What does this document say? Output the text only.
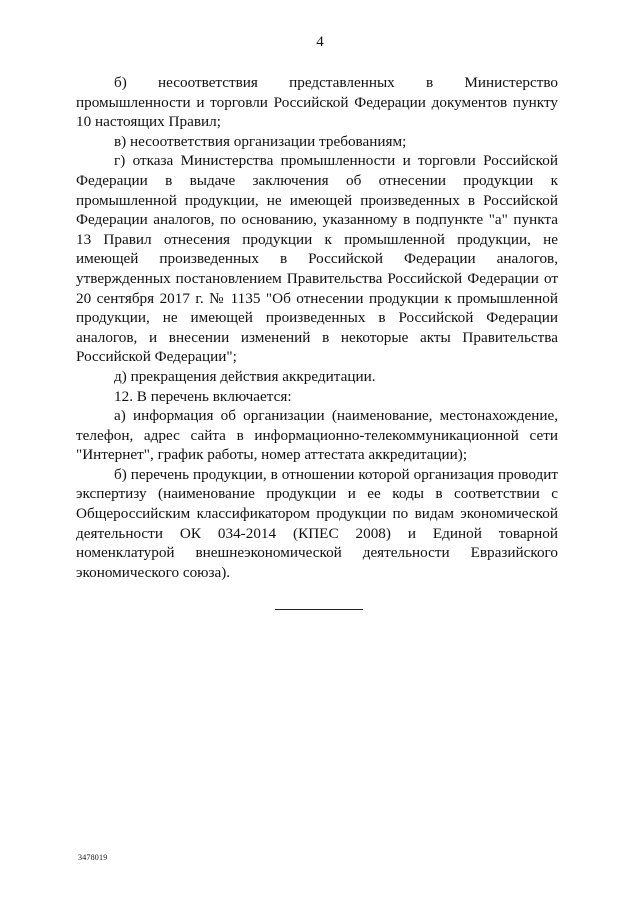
4

б) несоответствия представленных в Министерство промышленности и торговли Российской Федерации документов пункту 10 настоящих Правил;

в) несоответствия организации требованиям;

г) отказа Министерства промышленности и торговли Российской Федерации в выдаче заключения об отнесении продукции к промышленной продукции, не имеющей произведенных в Российской Федерации аналогов, по основанию, указанному в подпункте "а" пункта 13 Правил отнесения продукции к промышленной продукции, не имеющей произведенных в Российской Федерации аналогов, утвержденных постановлением Правительства Российской Федерации от 20 сентября 2017 г. № 1135 "Об отнесении продукции к промышленной продукции, не имеющей произведенных в Российской Федерации аналогов, и внесении изменений в некоторые акты Правительства Российской Федерации";

д) прекращения действия аккредитации.

12. В перечень включается:

а) информация об организации (наименование, местонахождение, телефон, адрес сайта в информационно-телекоммуникационной сети "Интернет", график работы, номер аттестата аккредитации);

б) перечень продукции, в отношении которой организация проводит экспертизу (наименование продукции и ее коды в соответствии с Общероссийским классификатором продукции по видам экономической деятельности ОК 034-2014 (КПЕС 2008) и Единой товарной номенклатурой внешнеэкономической деятельности Евразийского экономического союза).

3478019
